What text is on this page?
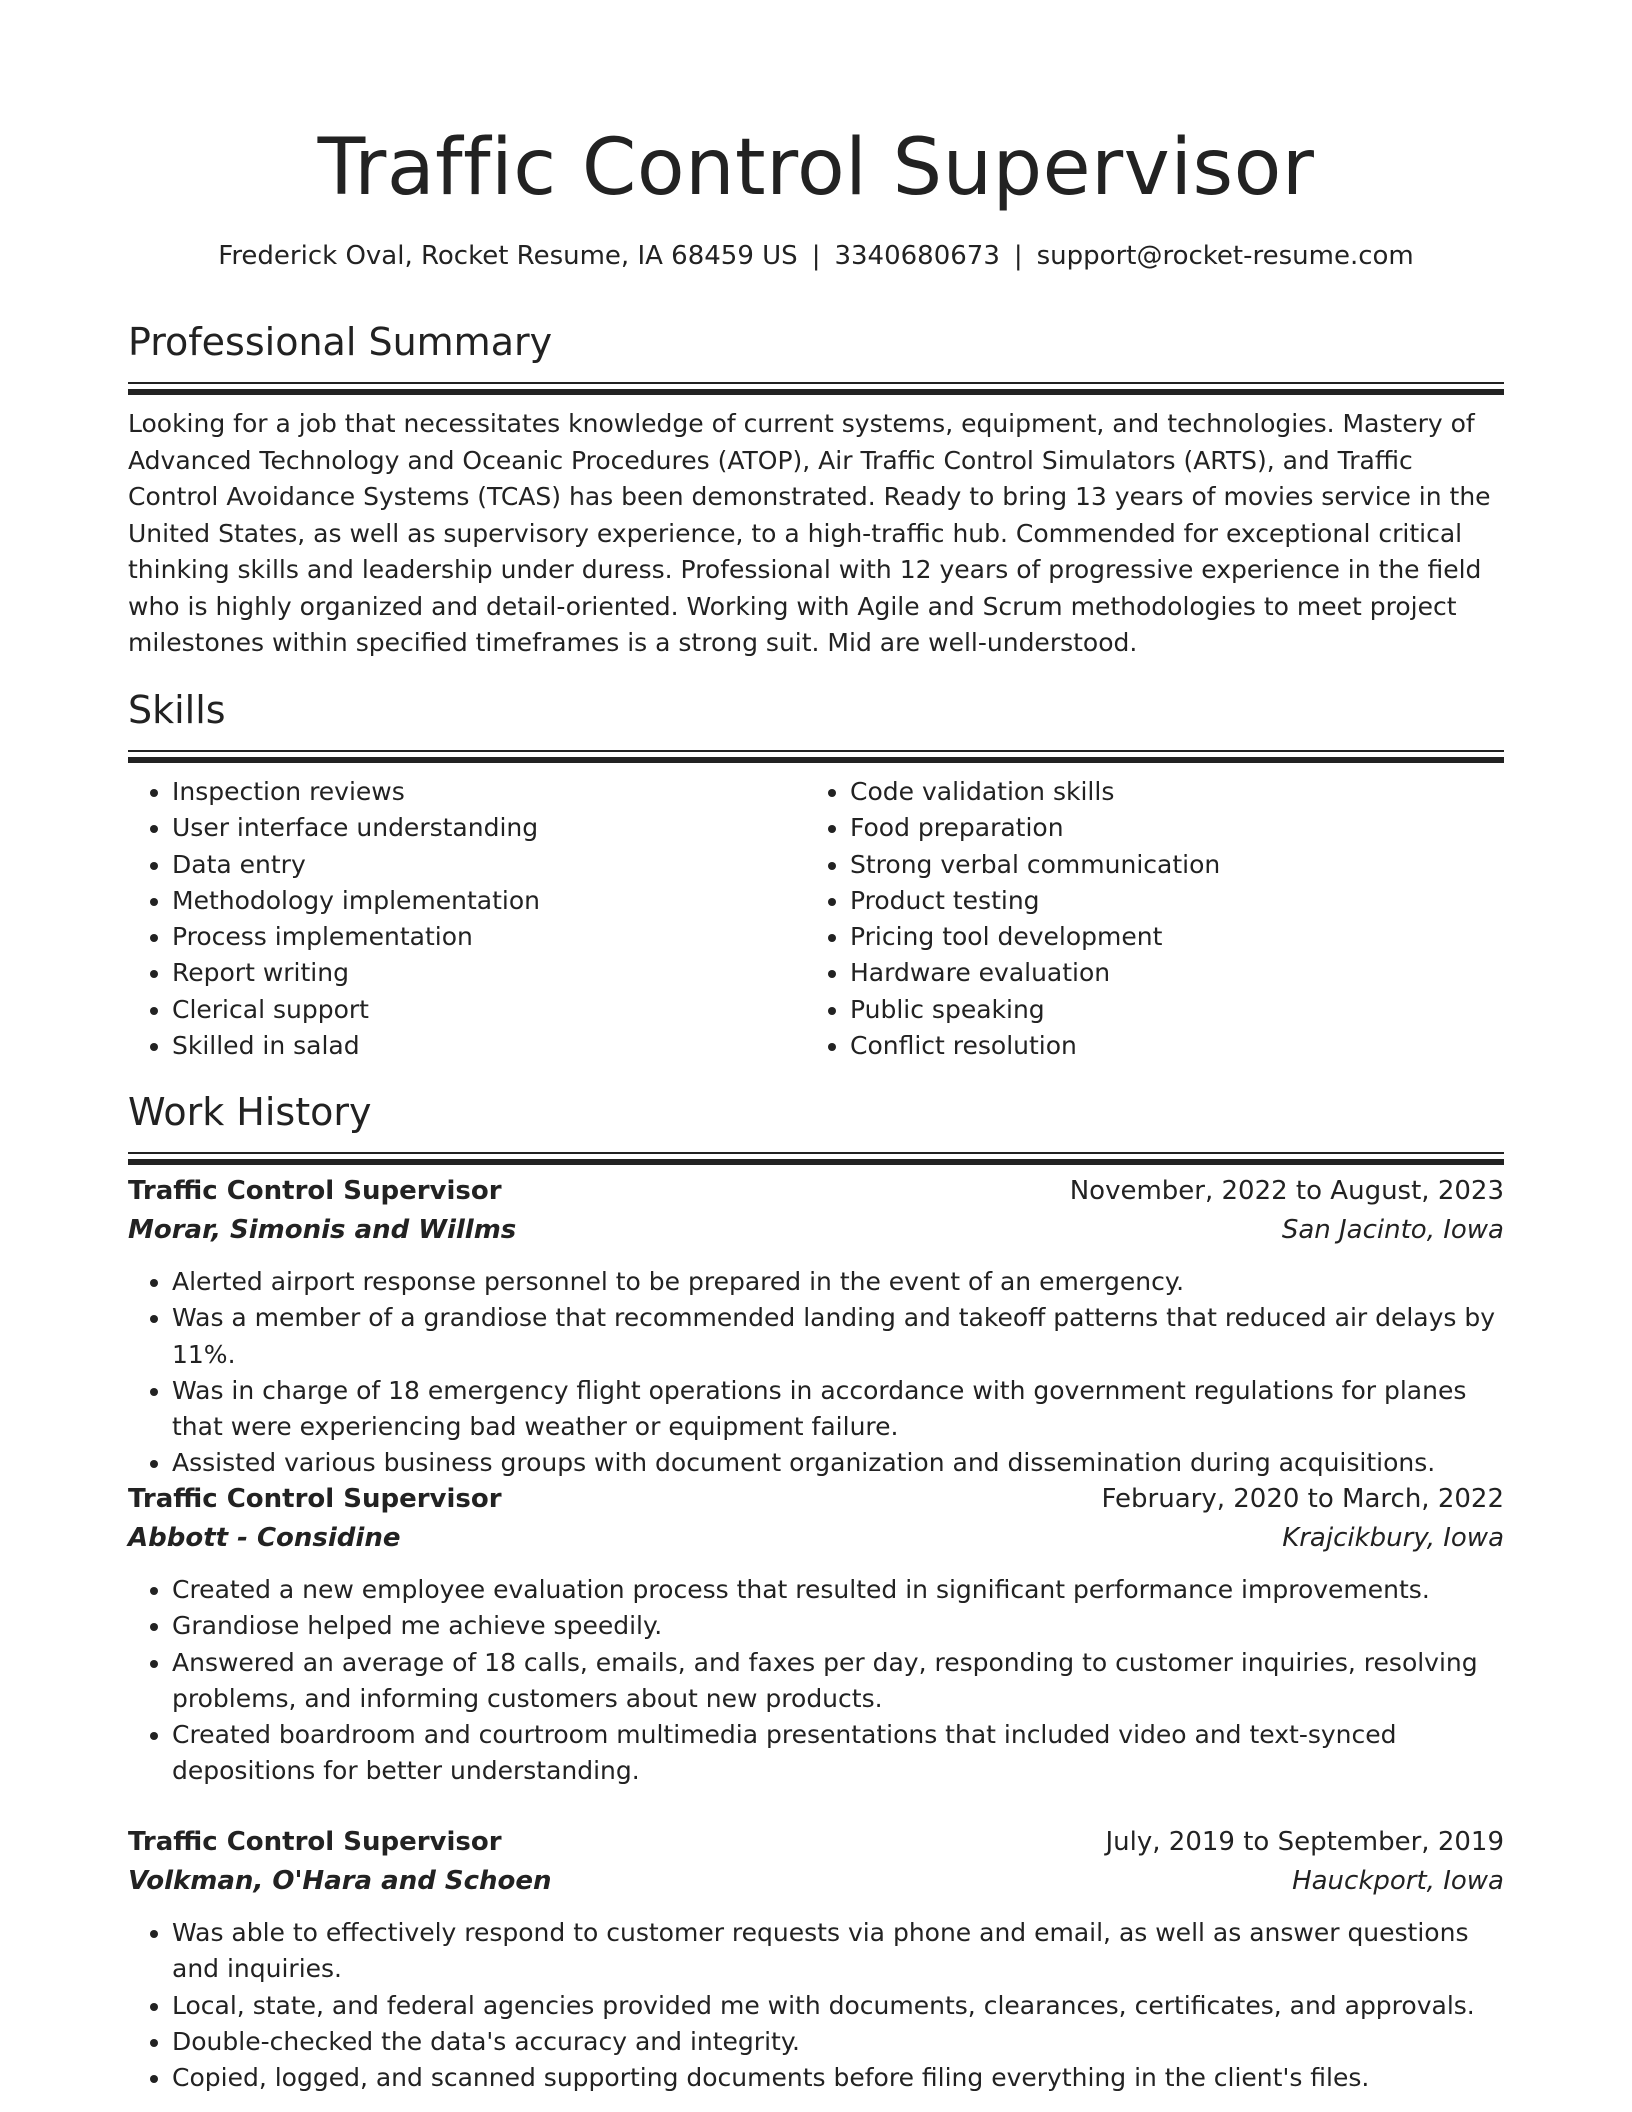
Traffic Control Supervisor

Frederick Oval, Rocket Resume, IA 68459 US | 3340680673 | support@rocket-resume.com

Professional Summary

Looking for a job that necessitates knowledge of current systems, equipment, and technologies. Mastery of Advanced Technology and Oceanic Procedures (ATOP), Air Traffic Control Simulators (ARTS), and Traffic Control Avoidance Systems (TCAS) has been demonstrated. Ready to bring 13 years of movies service in the United States, as well as supervisory experience, to a high-traffic hub. Commended for exceptional critical thinking skills and leadership under duress. Professional with 12 years of progressive experience in the field who is highly organized and detail-oriented. Working with Agile and Scrum methodologies to meet project milestones within specified timeframes is a strong suit. Mid are well-understood.

Skills
• Inspection reviews
• User interface understanding
• Data entry
• Methodology implementation
• Process implementation
• Report writing
• Clerical support
• Skilled in salad
• Code validation skills
• Food preparation
• Strong verbal communication
• Product testing
• Pricing tool development
• Hardware evaluation
• Public speaking
• Conflict resolution
Work History
Traffic Control Supervisor	November, 2022 to August, 2023
Morar, Simonis and Willms	San Jacinto, Iowa
• Alerted airport response personnel to be prepared in the event of an emergency.
• Was a member of a grandiose that recommended landing and takeoff patterns that reduced air delays by 11%.
• Was in charge of 18 emergency flight operations in accordance with government regulations for planes that were experiencing bad weather or equipment failure.
• Assisted various business groups with document organization and dissemination during acquisitions.
Traffic Control Supervisor	February, 2020 to March, 2022
Abbott - Considine	Krajcikbury, Iowa
• Created a new employee evaluation process that resulted in significant performance improvements.
• Grandiose helped me achieve speedily.
• Answered an average of 18 calls, emails, and faxes per day, responding to customer inquiries, resolving problems, and informing customers about new products.
• Created boardroom and courtroom multimedia presentations that included video and text-synced depositions for better understanding.
Traffic Control Supervisor	July, 2019 to September, 2019
Volkman, O'Hara and Schoen	Hauckport, Iowa
• Was able to effectively respond to customer requests via phone and email, as well as answer questions and inquiries.
• Local, state, and federal agencies provided me with documents, clearances, certificates, and approvals.
• Double-checked the data's accuracy and integrity.
• Copied, logged, and scanned supporting documents before filing everything in the client's files.
